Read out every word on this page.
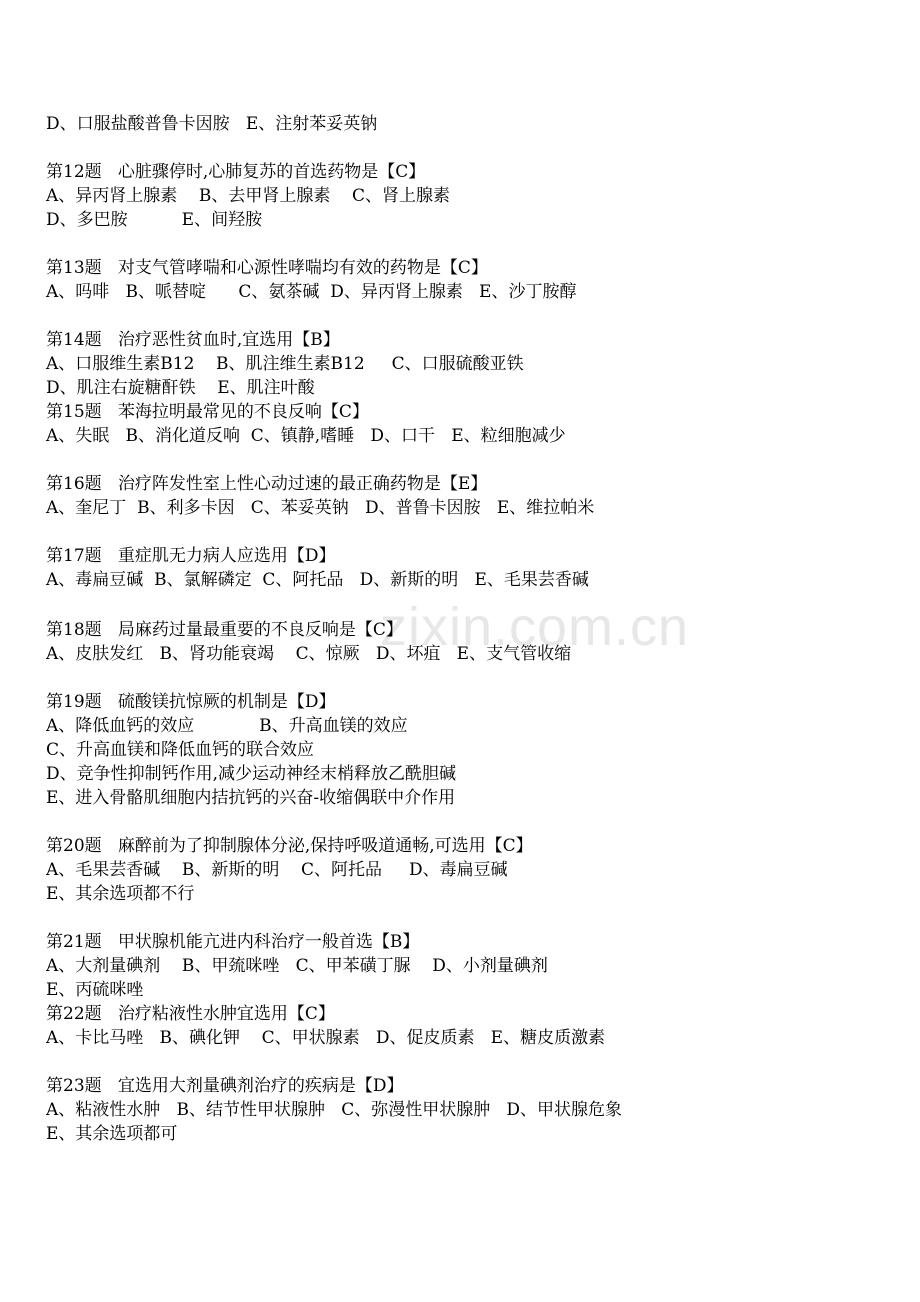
zixin.com.cn
D、口服盐酸普鲁卡因胺   E、注射苯妥英钠
第12题   心脏骤停时,心肺复苏的首选药物是【C】
A、异丙肾上腺素    B、去甲肾上腺素    C、肾上腺素
D、多巴胺          E、间羟胺
第13题   对支气管哮喘和心源性哮喘均有效的药物是【C】
A、吗啡   B、哌替啶      C、氨茶碱  D、异丙肾上腺素   E、沙丁胺醇
第14题   治疗恶性贫血时,宜选用【B】
A、口服维生素B12    B、肌注维生素B12     C、口服硫酸亚铁
D、肌注右旋糖酐铁    E、肌注叶酸
第15题   苯海拉明最常见的不良反响【C】
A、失眠   B、消化道反响  C、镇静,嗜睡   D、口干   E、粒细胞减少
第16题   治疗阵发性室上性心动过速的最正确药物是【E】
A、奎尼丁  B、利多卡因   C、苯妥英钠   D、普鲁卡因胺   E、维拉帕米
第17题   重症肌无力病人应选用【D】
A、毒扁豆碱  B、氯解磷定  C、阿托品   D、新斯的明   E、毛果芸香碱
第18题   局麻药过量最重要的不良反响是【C】
A、皮肤发红   B、肾功能衰竭    C、惊厥   D、坏疽   E、支气管收缩
第19题   硫酸镁抗惊厥的机制是【D】
A、降低血钙的效应            B、升高血镁的效应
C、升高血镁和降低血钙的联合效应
D、竞争性抑制钙作用,减少运动神经末梢释放乙酰胆碱
E、进入骨骼肌细胞内拮抗钙的兴奋-收缩偶联中介作用
第20题   麻醉前为了抑制腺体分泌,保持呼吸道通畅,可选用【C】
A、毛果芸香碱    B、新斯的明    C、阿托品     D、毒扁豆碱
E、其余选项都不行
第21题   甲状腺机能亢进内科治疗一般首选【B】
A、大剂量碘剂    B、甲巯咪唑   C、甲苯磺丁脲    D、小剂量碘剂
E、丙硫咪唑
第22题   治疗粘液性水肿宜选用【C】
A、卡比马唑   B、碘化钾    C、甲状腺素   D、促皮质素   E、糖皮质激素
第23题   宜选用大剂量碘剂治疗的疾病是【D】
A、粘液性水肿   B、结节性甲状腺肿   C、弥漫性甲状腺肿   D、甲状腺危象
E、其余选项都可
